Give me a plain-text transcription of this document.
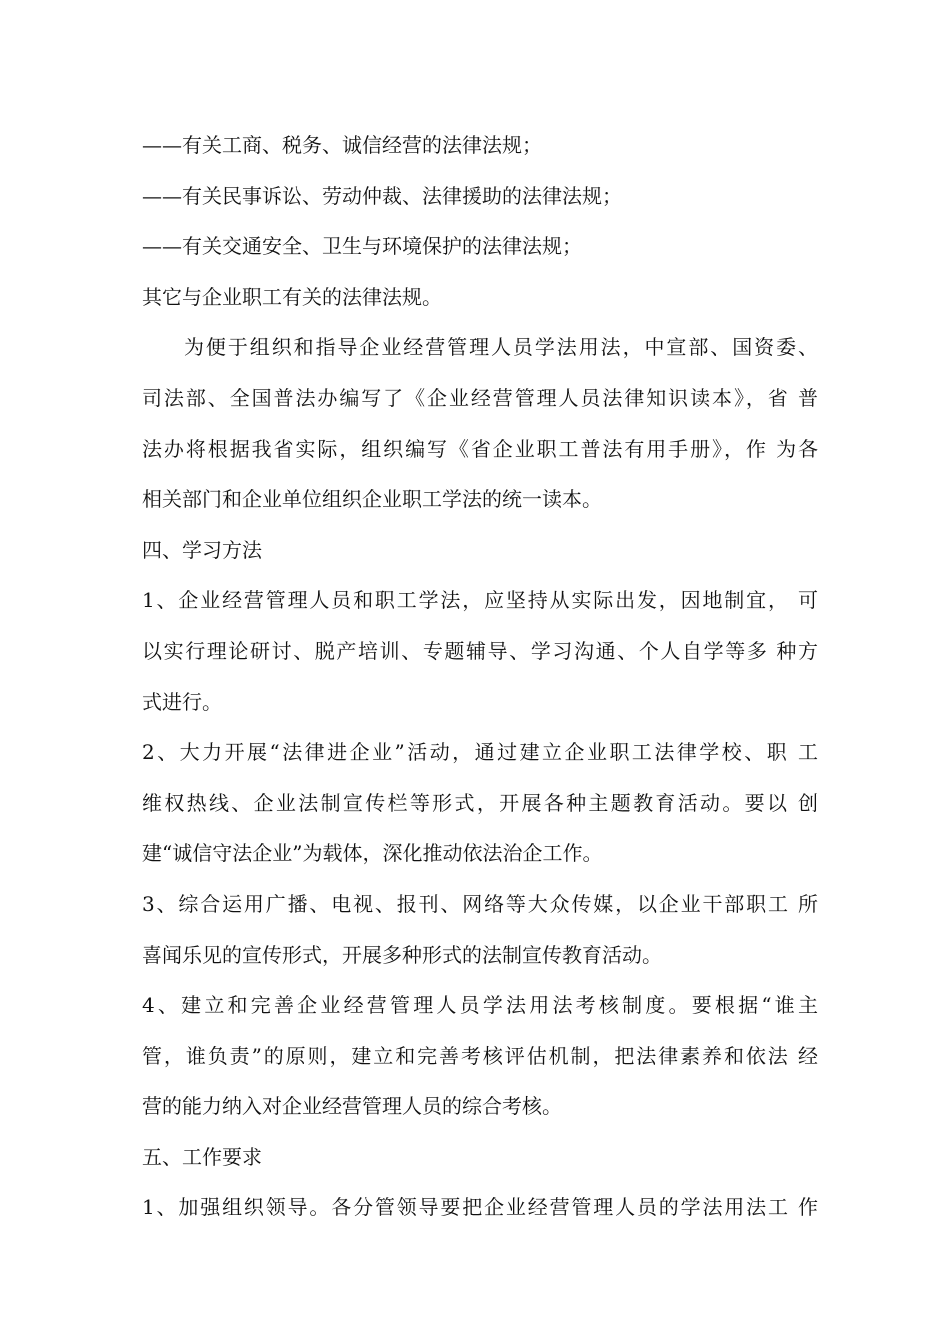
——有关工商、税务、诚信经营的法律法规；
——有关民事诉讼、劳动仲裁、法律援助的法律法规；
——有关交通安全、卫生与环境保护的法律法规；
其它与企业职工有关的法律法规。
为便于组织和指导企业经营管理人员学法用法，中宣部、国资委、
司法部、全国普法办编写了《企业经营管理人员法律知识读本》，省 普
法办将根据我省实际，组织编写《省企业职工普法有用手册》，作 为各
相关部门和企业单位组织企业职工学法的统一读本。
四、学习方法
1、企业经营管理人员和职工学法，应坚持从实际出发，因地制宜， 可
以实行理论研讨、脱产培训、专题辅导、学习沟通、个人自学等多 种方
式进行。
2、大力开展“法律进企业”活动，通过建立企业职工法律学校、职 工
维权热线、企业法制宣传栏等形式，开展各种主题教育活动。要以 创
建“诚信守法企业”为载体，深化推动依法治企工作。
3、综合运用广播、电视、报刊、网络等大众传媒，以企业干部职工 所
喜闻乐见的宣传形式，开展多种形式的法制宣传教育活动。
4、建立和完善企业经营管理人员学法用法考核制度。要根据“谁主
管，谁负责”的原则，建立和完善考核评估机制，把法律素养和依法 经
营的能力纳入对企业经营管理人员的综合考核。
五、工作要求
1、加强组织领导。各分管领导要把企业经营管理人员的学法用法工 作
